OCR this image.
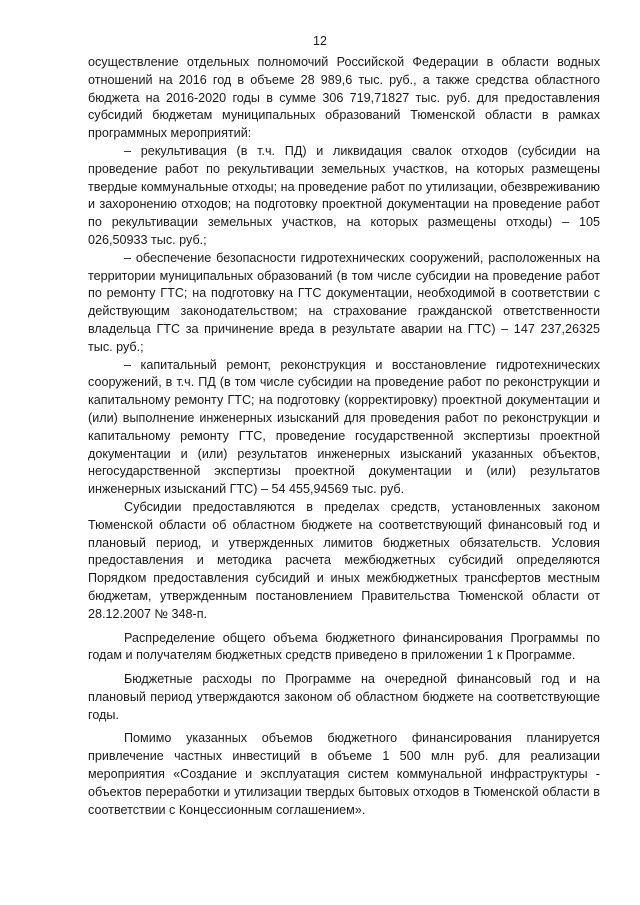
12

осуществление отдельных полномочий Российской Федерации в области водных отношений на 2016 год в объеме 28 989,6 тыс. руб., а также средства областного бюджета на 2016-2020 годы в сумме 306 719,71827 тыс. руб. для предоставления субсидий бюджетам муниципальных образований Тюменской области в рамках программных мероприятий:

– рекультивация (в т.ч. ПД) и ликвидация свалок отходов (субсидии на проведение работ по рекультивации земельных участков, на которых размещены твердые коммунальные отходы; на проведение работ по утилизации, обезвреживанию и захоронению отходов; на подготовку проектной документации на проведение работ по рекультивации земельных участков, на которых размещены отходы) – 105 026,50933 тыс. руб.;

– обеспечение безопасности гидротехнических сооружений, расположенных на территории муниципальных образований (в том числе субсидии на проведение работ по ремонту ГТС; на подготовку на ГТС документации, необходимой в соответствии с действующим законодательством; на страхование гражданской ответственности владельца ГТС за причинение вреда в результате аварии на ГТС) – 147 237,26325 тыс. руб.;

– капитальный ремонт, реконструкция и восстановление гидротехнических сооружений, в т.ч. ПД (в том числе субсидии на проведение работ по реконструкции и капитальному ремонту ГТС; на подготовку (корректировку) проектной документации и (или) выполнение инженерных изысканий для проведения работ по реконструкции и капитальному ремонту ГТС, проведение государственной экспертизы проектной документации и (или) результатов инженерных изысканий указанных объектов, негосударственной экспертизы проектной документации и (или) результатов инженерных изысканий ГТС) – 54 455,94569 тыс. руб.

Субсидии предоставляются в пределах средств, установленных законом Тюменской области об областном бюджете на соответствующий финансовый год и плановый период, и утвержденных лимитов бюджетных обязательств. Условия предоставления и методика расчета межбюджетных субсидий определяются Порядком предоставления субсидий и иных межбюджетных трансфертов местным бюджетам, утвержденным постановлением Правительства Тюменской области от 28.12.2007 № 348-п.

Распределение общего объема бюджетного финансирования Программы по годам и получателям бюджетных средств приведено в приложении 1 к Программе.

Бюджетные расходы по Программе на очередной финансовый год и на плановый период утверждаются законом об областном бюджете на соответствующие годы.

Помимо указанных объемов бюджетного финансирования планируется привлечение частных инвестиций в объеме 1 500 млн руб. для реализации мероприятия «Создание и эксплуатация систем коммунальной инфраструктуры - объектов переработки и утилизации твердых бытовых отходов в Тюменской области в соответствии с Концессионным соглашением».
